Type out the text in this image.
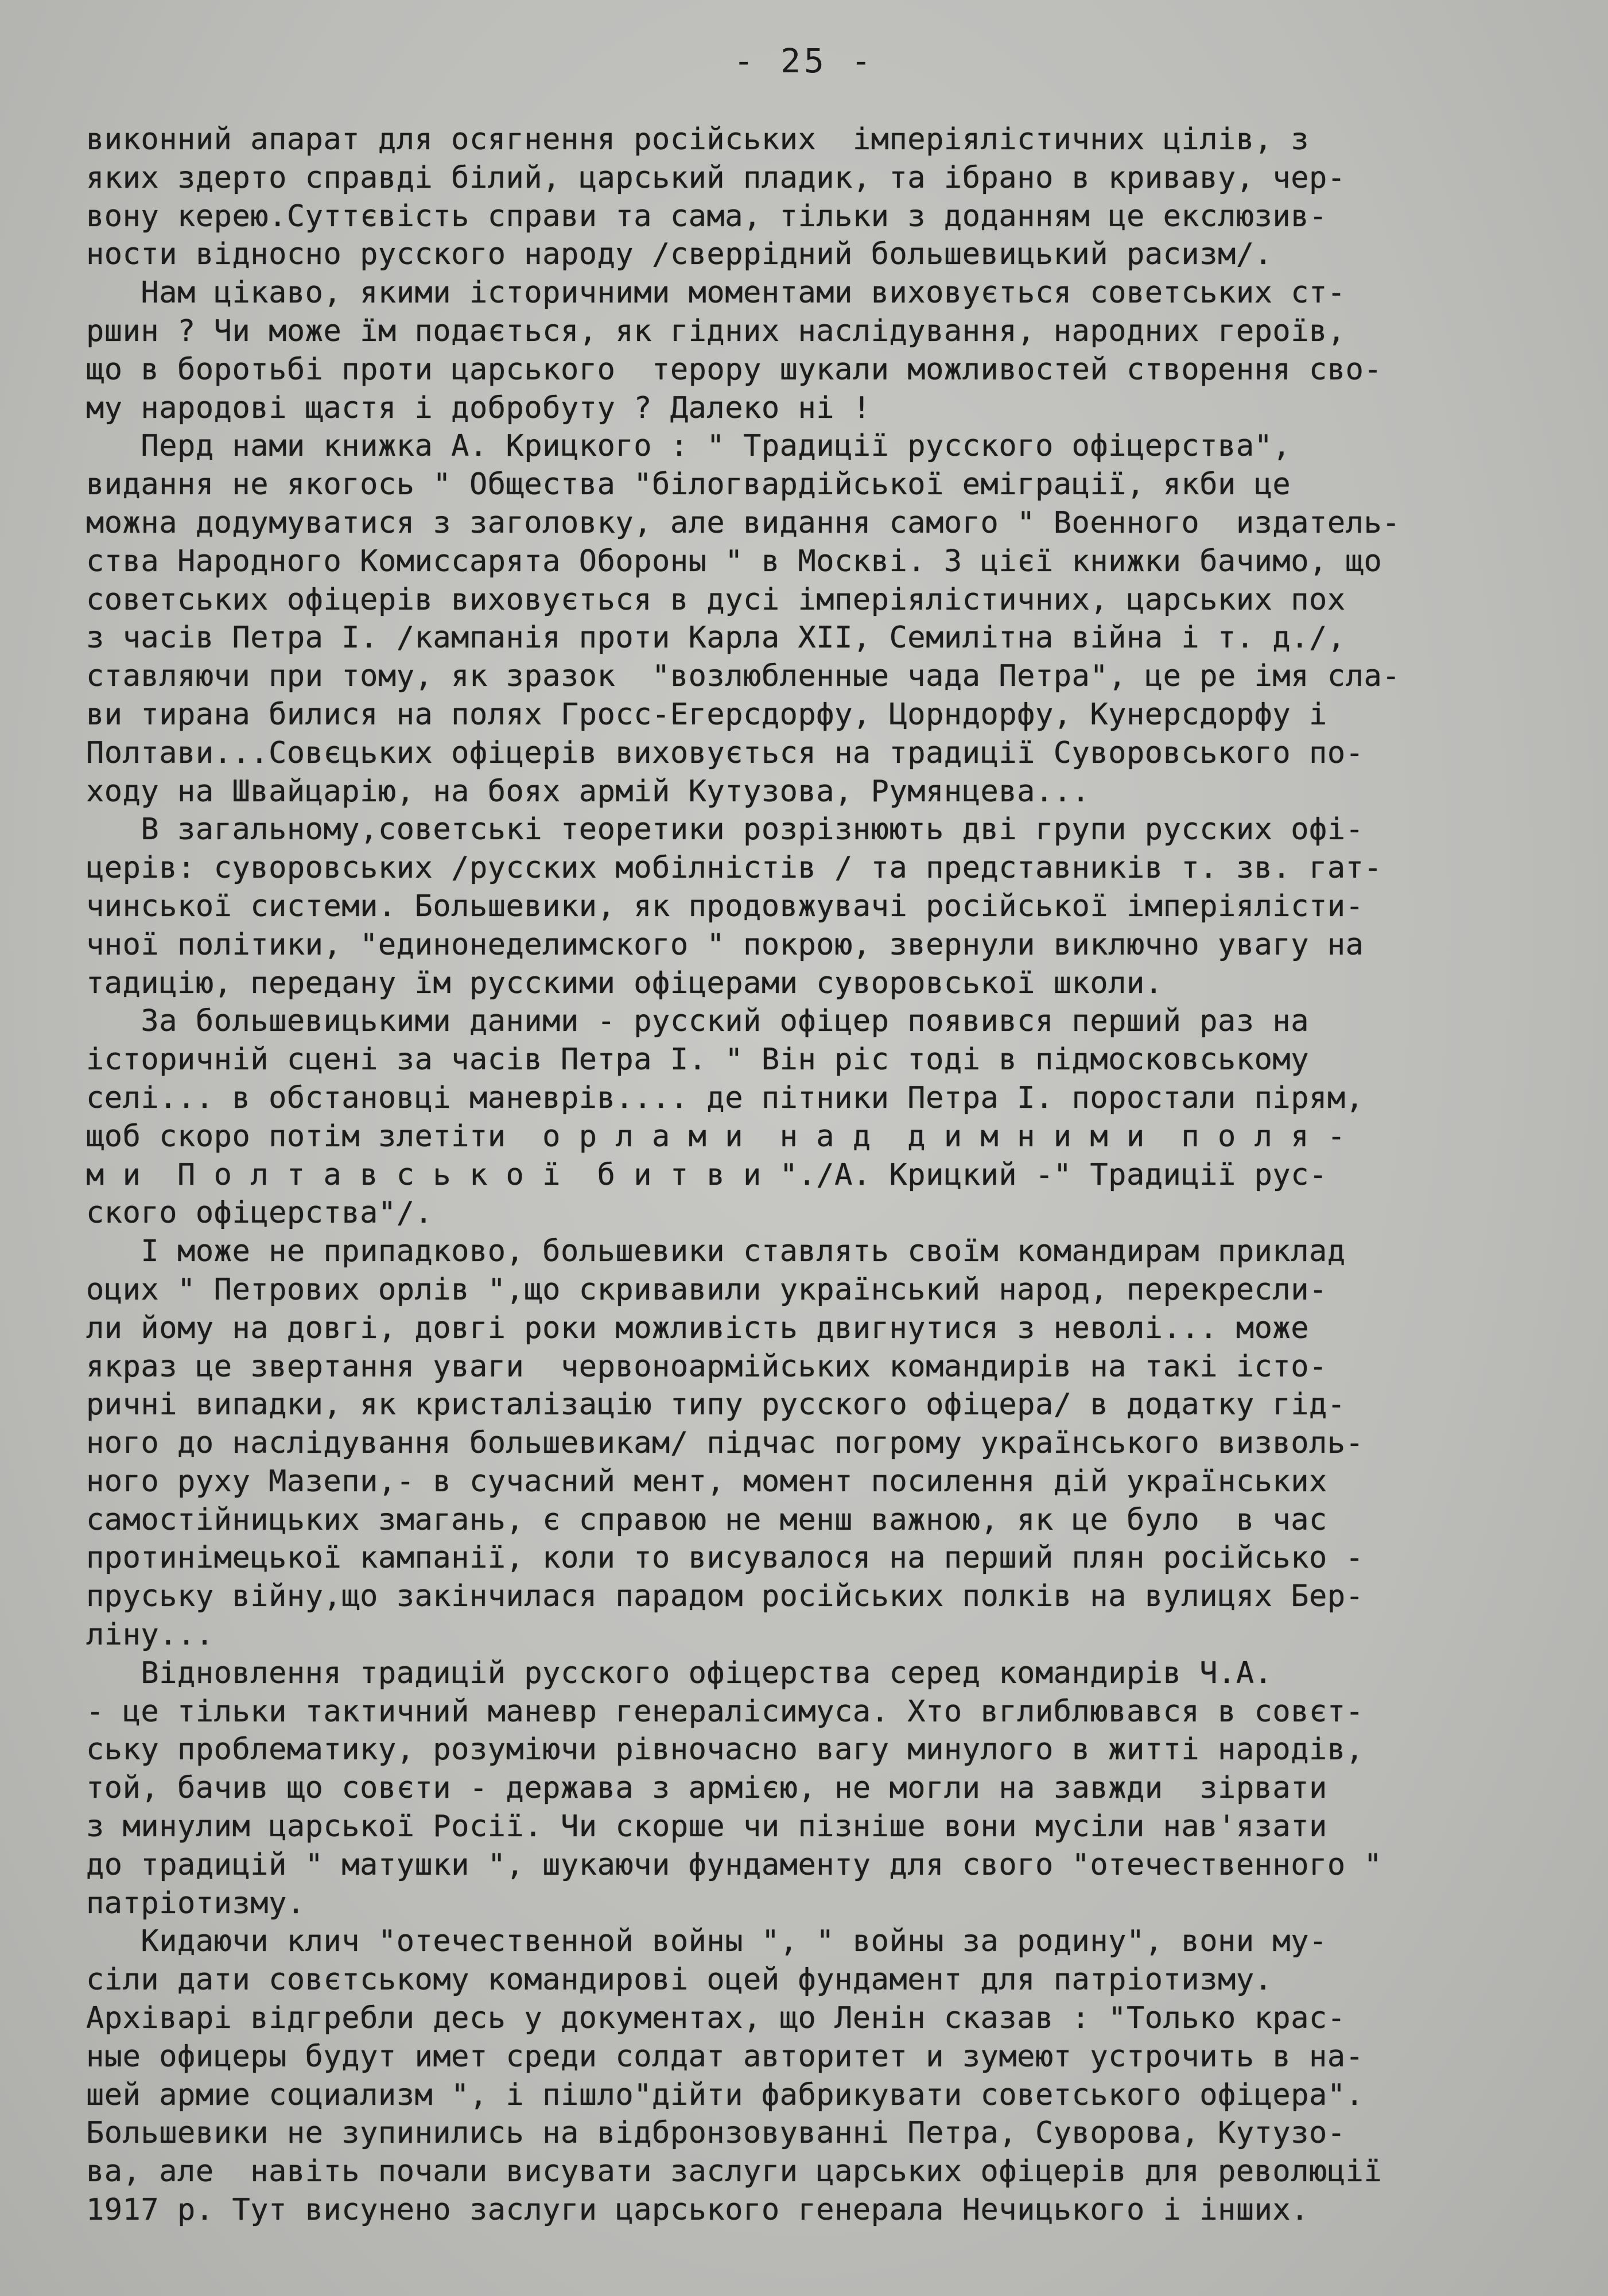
- 25 -
виконний апарат для осягнення російських  імперіялістичних цілів, з
яких здерто справді білий, царський пладик, та ібрано в криваву, чер-
вону керею.Суттєвість справи та сама, тільки з доданням це екслюзив-
ности відносно русского народу /сверрідний большевицький расизм/.
Нам цікаво, якими історичними моментами виховується советських ст-
ршин ? Чи може їм подається, як гідних наслідування, народних героїв,
що в боротьбі проти царського  терору шукали можливостей створення сво-
му народові щастя і добробуту ? Далеко ні !
Перд нами книжка А. Крицкого : " Традиції русского офіцерства",
видання не якогось " Общества "білогвардійської еміграції, якби це
можна додумуватися з заголовку, але видання самого " Военного  издатель-
ства Народного Комиссарята Обороны " в Москві. З цієї книжки бачимо, що
советських офіцерів виховується в дусі імперіялістичних, царських пох
з часів Петра I. /кампанія проти Карла XII, Семилітна війна і т. д./,
ставляючи при тому, як зразок  "возлюбленные чада Петра", це ре імя сла-
ви тирана билися на полях Гросс-Егерсдорфу, Цорндорфу, Кунерсдорфу і
Полтави...Совєцьких офіцерів виховується на традиції Суворовського по-
ходу на Швайцарію, на боях армій Кутузова, Румянцева...
В загальному,советські теоретики розрізнюють дві групи русских офі-
церів: суворовських /русских мобілністів / та представників т. зв. гат-
чинської системи. Большевики, як продовжувачі російської імперіялісти-
чної політики, "единонеделимского " покрою, звернули виключно увагу на
тадицію, передану їм русскими офіцерами суворовської школи.
За большевицькими даними - русский офіцер появився перший раз на
історичній сцені за часів Петра I. " Він ріс тоді в підмосковському
селі... в обстановці маневрів.... де пітники Петра I. поростали пірям,
щоб скоро потім злетіти  о р л а м и  н а д  д и м н и м и  п о л я -
м и  П о л т а в с ь к о ї  б и т в и "./А. Крицкий -" Традиції рус-
ского офіцерства"/.
I може не припадково, большевики ставлять своїм командирам приклад
оцих " Петрових орлів ",що скривавили український народ, перекресли-
ли йому на довгі, довгі роки можливість двигнутися з неволі... може
якраз це звертання уваги  червоноармійських командирів на такі істо-
ричні випадки, як кристалізацію типу русского офіцера/ в додатку гід-
ного до наслідування большевикам/ підчас погрому українського визволь-
ного руху Мазепи,- в сучасний мент, момент посилення дій українських
самостійницьких змагань, є справою не менш важною, як це було  в час
протинімецької кампанії, коли то висувалося на перший плян російсько -
пруську війну,що закінчилася парадом російських полків на вулицях Бер-
ліну...
Відновлення традицій русского офіцерства серед командирів Ч.А.
- це тільки тактичний маневр генералісимуса. Хто вглиблювався в совєт-
ську проблематику, розуміючи рівночасно вагу минулого в житті народів,
той, бачив що совєти - держава з армією, не могли на завжди  зірвати
з минулим царської Росії. Чи скорше чи пізніше вони мусіли нав'язати
до традицій " матушки ", шукаючи фундаменту для свого "отечественного "
патріотизму.
Кидаючи клич "отечественной войны ", " войны за родину", вони му-
сіли дати совєтському командирові оцей фундамент для патріотизму.
Архіварі відгребли десь у документах, що Ленін сказав : "Только крас-
ные офицеры будут имет среди солдат авторитет и зумеют устрочить в на-
шей армие социализм ", і пішло"дійти фабрикувати советського офіцера".
Большевики не зупинились на відбронзовуванні Петра, Суворова, Кутузо-
ва, але  навіть почали висувати заслуги царських офіцерів для революції
1917 р. Тут висунено заслуги царського генерала Нечицького і інших.
